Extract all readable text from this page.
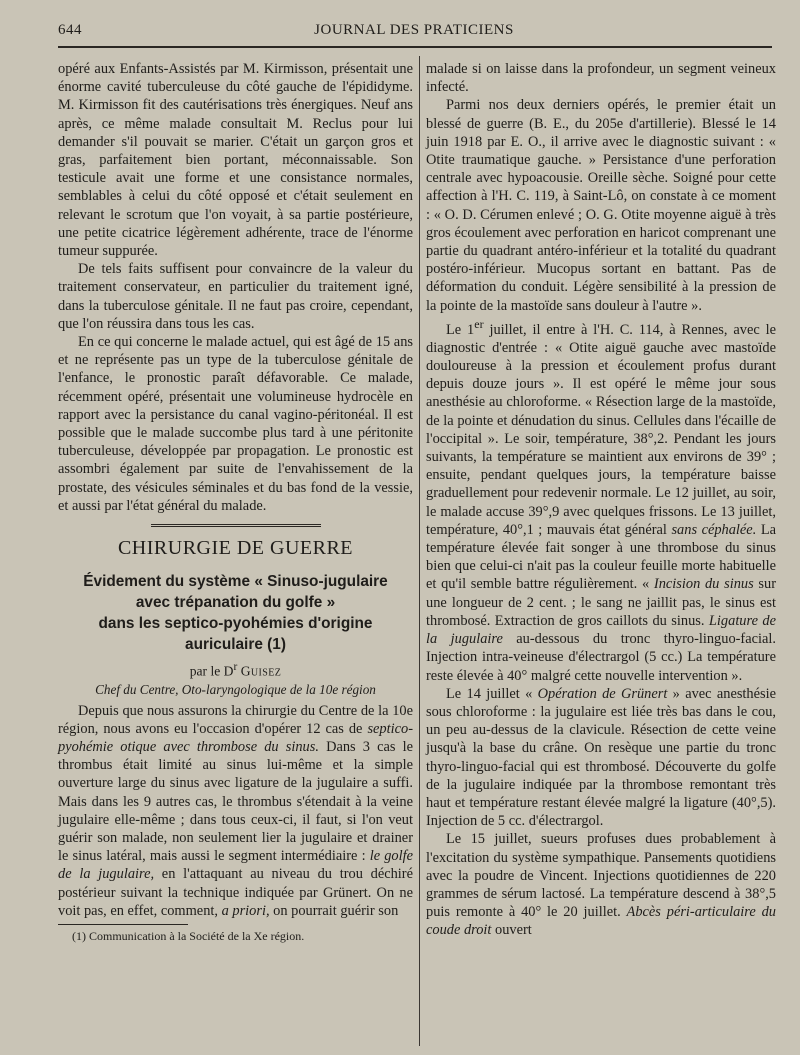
644	JOURNAL DES PRATICIENS

opéré aux Enfants-Assistés par M. Kirmisson, présentait une énorme cavité tuberculeuse du côté gauche de l'épididyme. M. Kirmisson fit des cautérisations très énergiques. Neuf ans après, ce même malade consultait M. Reclus pour lui demander s'il pouvait se marier. C'était un garçon gros et gras, parfaitement bien portant, méconnaissable. Son testicule avait une forme et une consistance normales, semblables à celui du côté opposé et c'était seulement en relevant le scrotum que l'on voyait, à sa partie postérieure, une petite cicatrice légèrement adhérente, trace de l'énorme tumeur suppurée.

De tels faits suffisent pour convaincre de la valeur du traitement conservateur, en particulier du traitement igné, dans la tuberculose génitale. Il ne faut pas croire, cependant, que l'on réussira dans tous les cas.

En ce qui concerne le malade actuel, qui est âgé de 15 ans et ne représente pas un type de la tuberculose génitale de l'enfance, le pronostic paraît défavorable. Ce malade, récemment opéré, présentait une volumineuse hydrocèle en rapport avec la persistance du canal vagino-péritonéal. Il est possible que le malade succombe plus tard à une péritonite tuberculeuse, développée par propagation. Le pronostic est assombri également par suite de l'envahissement de la prostate, des vésicules séminales et du bas fond de la vessie, et aussi par l'état général du malade.

CHIRURGIE DE GUERRE
Évidement du système « Sinuso-jugulaire
avec trépanation du golfe »
dans les septico-pyohémies d'origine auriculaire (1)
par le $D^r$ Guisez
Chef du Centre, Oto-laryngologique de la 10e région

Depuis que nous assurons la chirurgie du Centre de la 10e région, nous avons eu l'occasion d'opérer 12 cas de septico-pyohémie otique avec thrombose du sinus. Dans 3 cas le thrombus était limité au sinus lui-même et la simple ouverture large du sinus avec ligature de la jugulaire a suffi. Mais dans les 9 autres cas, le thrombus s'étendait à la veine jugulaire elle-même ; dans tous ceux-ci, il faut, si l'on veut guérir son malade, non seulement lier la jugulaire et drainer le sinus latéral, mais aussi le segment intermédiaire : le golfe de la jugulaire, en l'attaquant au niveau du trou déchiré postérieur suivant la technique indiquée par Grünert. On ne voit pas, en effet, comment, a priori, on pourrait guérir son

(1) Communication à la Société de la Xe région.

malade si on laisse dans la profondeur, un segment veineux infecté.

Parmi nos deux derniers opérés, le premier était un blessé de guerre (B. E., du 205e d'artillerie). Blessé le 14 juin 1918 par E. O., il arrive avec le diagnostic suivant : « Otite traumatique gauche. » Persistance d'une perforation centrale avec hypoacousie. Oreille sèche. Soigné pour cette affection à l'H. C. 119, à Saint-Lô, on constate à ce moment : « O. D. Cérumen enlevé ; O. G. Otite moyenne aiguë à très gros écoulement avec perforation en haricot comprenant une partie du quadrant antéro-inférieur et la totalité du quadrant postéro-inférieur. Mucopus sortant en battant. Pas de déformation du conduit. Légère sensibilité à la pression de la pointe de la mastoïde sans douleur à l'autre ».

Le 1er juillet, il entre à l'H. C. 114, à Rennes, avec le diagnostic d'entrée : « Otite aiguë gauche avec mastoïde douloureuse à la pression et écoulement profus durant depuis douze jours ». Il est opéré le même jour sous anesthésie au chloroforme. « Résection large de la mastoïde, de la pointe et dénudation du sinus. Cellules dans l'écaille de l'occipital ». Le soir, température, 38°,2. Pendant les jours suivants, la température se maintient aux environs de 39° ; ensuite, pendant quelques jours, la température baisse graduellement pour redevenir normale. Le 12 juillet, au soir, le malade accuse 39°,9 avec quelques frissons. Le 13 juillet, température, 40°,1 ; mauvais état général sans céphalée. La température élevée fait songer à une thrombose du sinus bien que celui-ci n'ait pas la couleur feuille morte habituelle et qu'il semble battre régulièrement. « Incision du sinus sur une longueur de 2 cent. ; le sang ne jaillit pas, le sinus est thrombosé. Extraction de gros caillots du sinus. Ligature de la jugulaire au-dessous du tronc thyro-linguo-facial. Injection intra-veineuse d'électrargol (5 cc.) La température reste élevée à 40° malgré cette nouvelle intervention ».

Le 14 juillet « Opération de Grünert » avec anesthésie sous chloroforme : la jugulaire est liée très bas dans le cou, un peu au-dessus de la clavicule. Résection de cette veine jusqu'à la base du crâne. On resèque une partie du tronc thyro-linguo-facial qui est thrombosé. Découverte du golfe de la jugulaire indiquée par la thrombose remontant très haut et température restant élevée malgré la ligature (40°,5). Injection de 5 cc. d'électrargol.

Le 15 juillet, sueurs profuses dues probablement à l'excitation du système sympathique. Pansements quotidiens avec la poudre de Vincent. Injections quotidiennes de 220 grammes de sérum lactosé. La température descend à 38°,5 puis remonte à 40° le 20 juillet. Abcès péri-articulaire du coude droit ouvert
